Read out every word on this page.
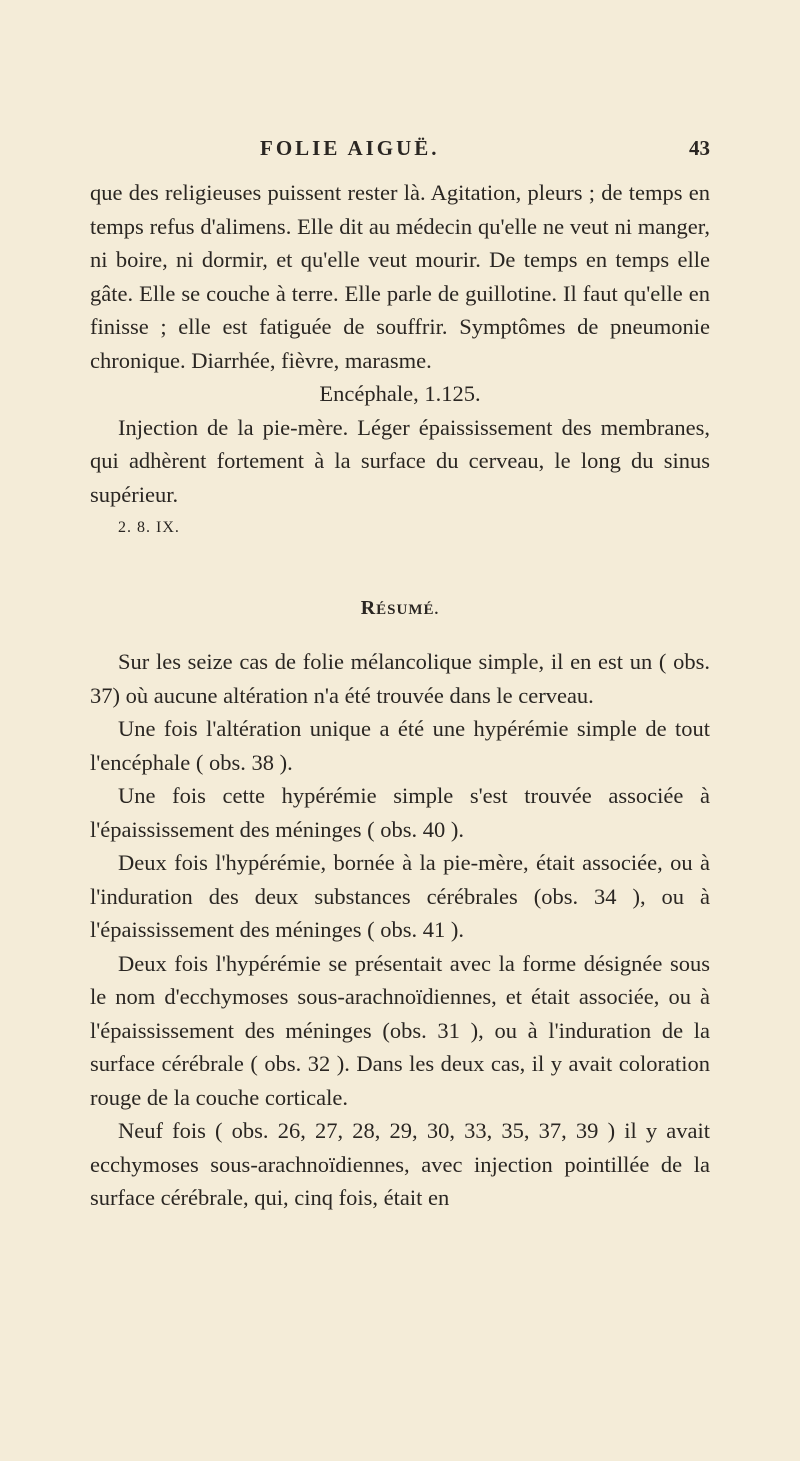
FOLIE AIGUË.	43

que des religieuses puissent rester là. Agitation, pleurs ; de temps en temps refus d'alimens. Elle dit au médecin qu'elle ne veut ni manger, ni boire, ni dormir, et qu'elle veut mourir. De temps en temps elle gâte. Elle se couche à terre. Elle parle de guillotine. Il faut qu'elle en finisse ; elle est fatiguée de souffrir. Symptômes de pneumonie chronique. Diarrhée, fièvre, marasme.

Encéphale, 1.125.

Injection de la pie-mère. Léger épaississement des membranes, qui adhèrent fortement à la surface du cerveau, le long du sinus supérieur.

2. 8. IX.

RÉSUMÉ.

Sur les seize cas de folie mélancolique simple, il en est un ( obs. 37) où aucune altération n'a été trouvée dans le cerveau.

Une fois l'altération unique a été une hypérémie simple de tout l'encéphale ( obs. 38 ).

Une fois cette hypérémie simple s'est trouvée associée à l'épaississement des méninges ( obs. 40 ).

Deux fois l'hypérémie, bornée à la pie-mère, était associée, ou à l'induration des deux substances cérébrales (obs. 34 ), ou à l'épaississement des méninges ( obs. 41 ).

Deux fois l'hypérémie se présentait avec la forme désignée sous le nom d'ecchymoses sous-arachnoïdiennes, et était associée, ou à l'épaississement des méninges (obs. 31 ), ou à l'induration de la surface cérébrale ( obs. 32 ). Dans les deux cas, il y avait coloration rouge de la couche corticale.

Neuf fois ( obs. 26, 27, 28, 29, 30, 33, 35, 37, 39 ) il y avait ecchymoses sous-arachnoïdiennes, avec injection pointillée de la surface cérébrale, qui, cinq fois, était en
